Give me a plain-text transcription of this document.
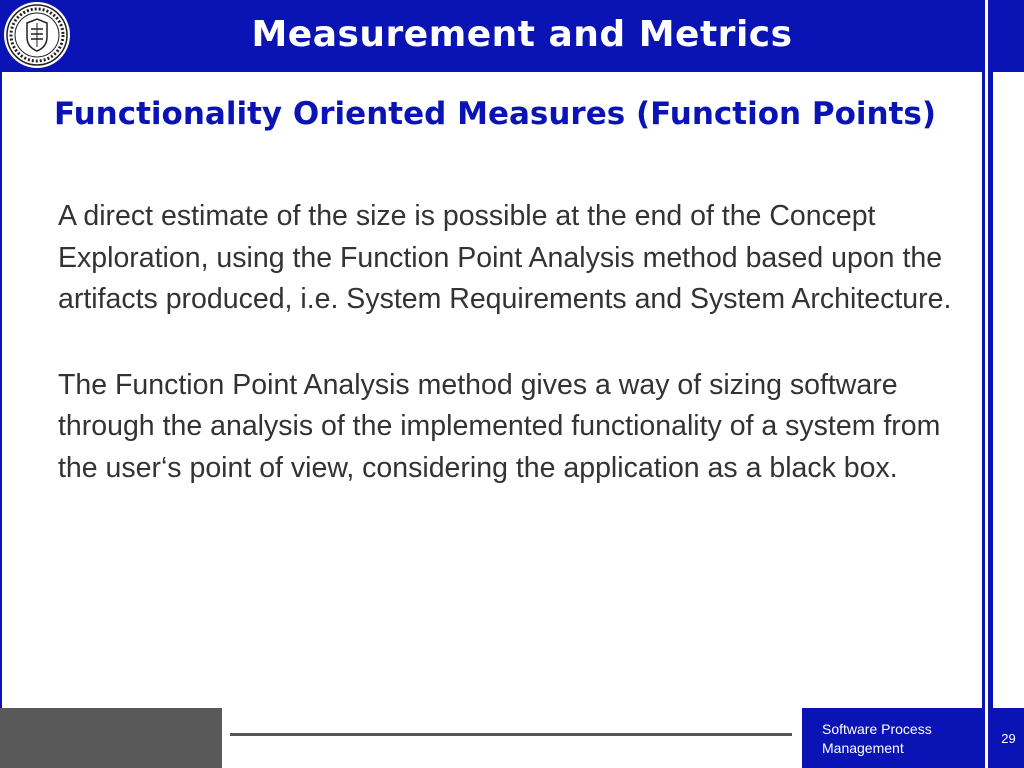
Measurement and Metrics
Functionality Oriented Measures (Function Points)

A direct estimate of the size is possible at the end of the Concept Exploration, using the Function Point Analysis method based upon the artifacts produced, i.e. System Requirements and System Architecture.

The Function Point Analysis method gives a way of sizing software through the analysis of the implemented functionality of a system from the user‘s point of view, considering the application as a black box.

Software Process Management
29
